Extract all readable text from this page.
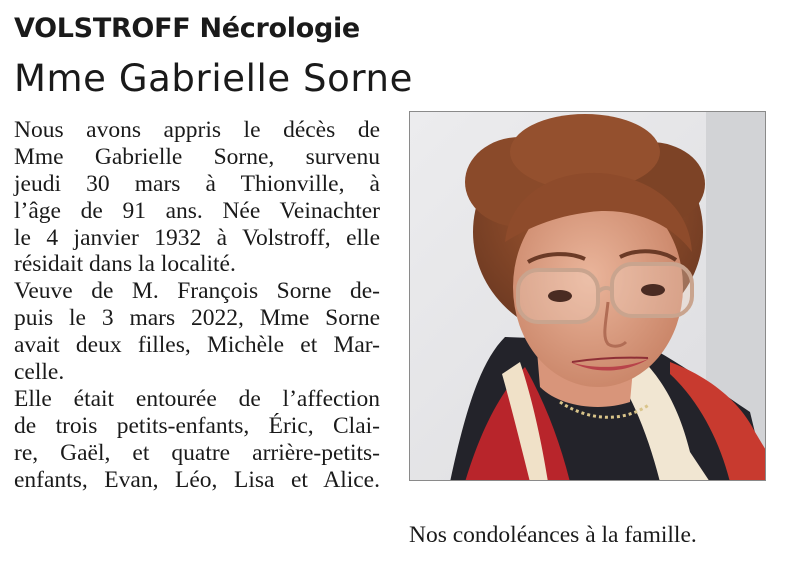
VOLSTROFF Nécrologie
Mme Gabrielle Sorne
Nous avons appris le décès de
Mme Gabrielle Sorne, survenu
jeudi 30 mars à Thionville, à
l’âge de 91 ans. Née Veinachter
le 4 janvier 1932 à Volstroff, elle
résidait dans la localité.
Veuve de M. François Sorne de-
puis le 3 mars 2022, Mme Sorne
avait deux filles, Michèle et Mar-
celle.
Elle était entourée de l’affection
de trois petits-enfants, Éric, Clai-
re, Gaël, et quatre arrière-petits-
enfants, Evan, Léo, Lisa et Alice.
Nos condoléances à la famille.
